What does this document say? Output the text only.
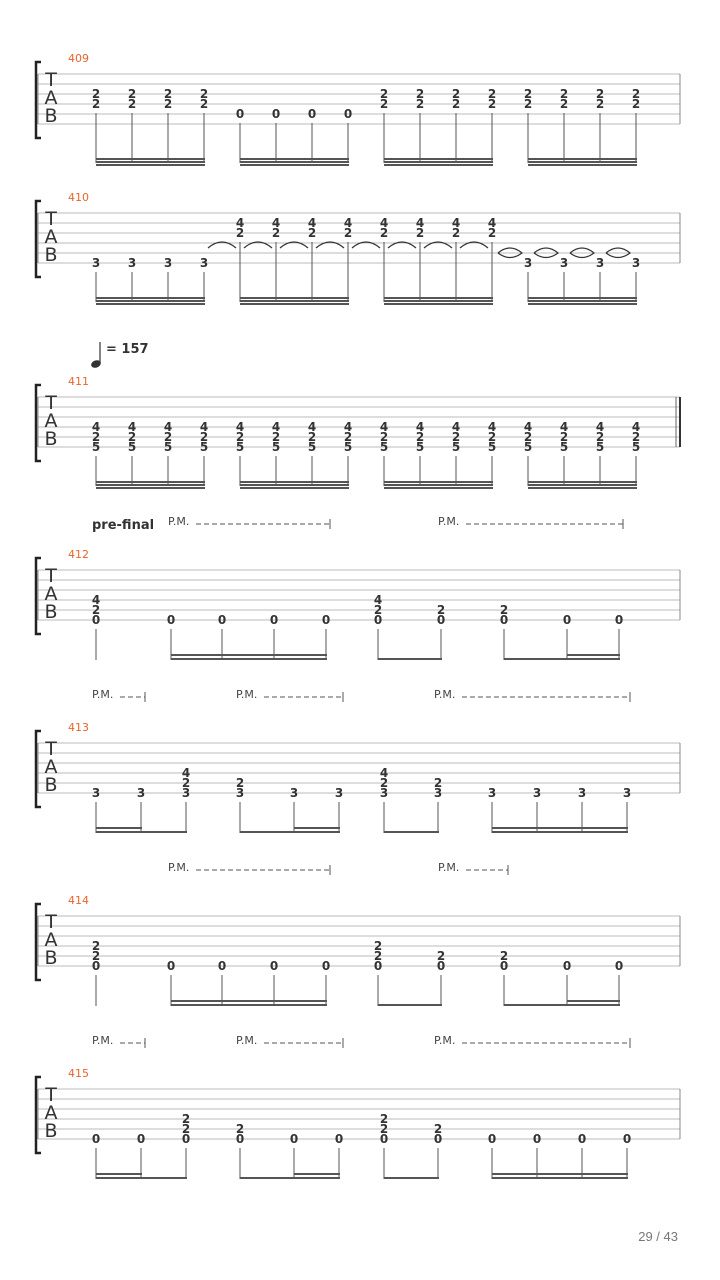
T
A
B
409
2
2
2
2
2
2
2
2
0 0 0 0
2
2
2
2
2
2
2
2
2
2
2
2
2
2
2
2
T
A
B
410
3 3 3 3
4
2
4
2
4
2
4
2
4
2
4
2
4
2
4
2
3 3 3 3
T
A
B
411
4
2
5
4
2
5
4
2
5
4
2
5
4
2
5
4
2
5
4
2
5
4
2
5
4
2
5
4
2
5
4
2
5
4
2
5
4
2
5
4
2
5
4
2
5
4
2
5
= 157
T
A
B
412
4
2
0	0	0	0	0
4
2
0
2
0
2
0	0	0
P.M.	P.M.
pre-final
T
A
B
413
3	3
4
2
3
2
3	3	3
4
2
3
2
3	3	3	3	3
P.M.	P.M.	P.M.
T
A
B
414
2
2
0	0	0	0	0
2
2
0
2
0
2
0	0	0
P.M.	P.M.
T
A
B
415
0	0
2
2
0
2
0	0	0
2
2
0
2
0	0	0	0	0
P.M.	P.M.	P.M.
29 / 43
